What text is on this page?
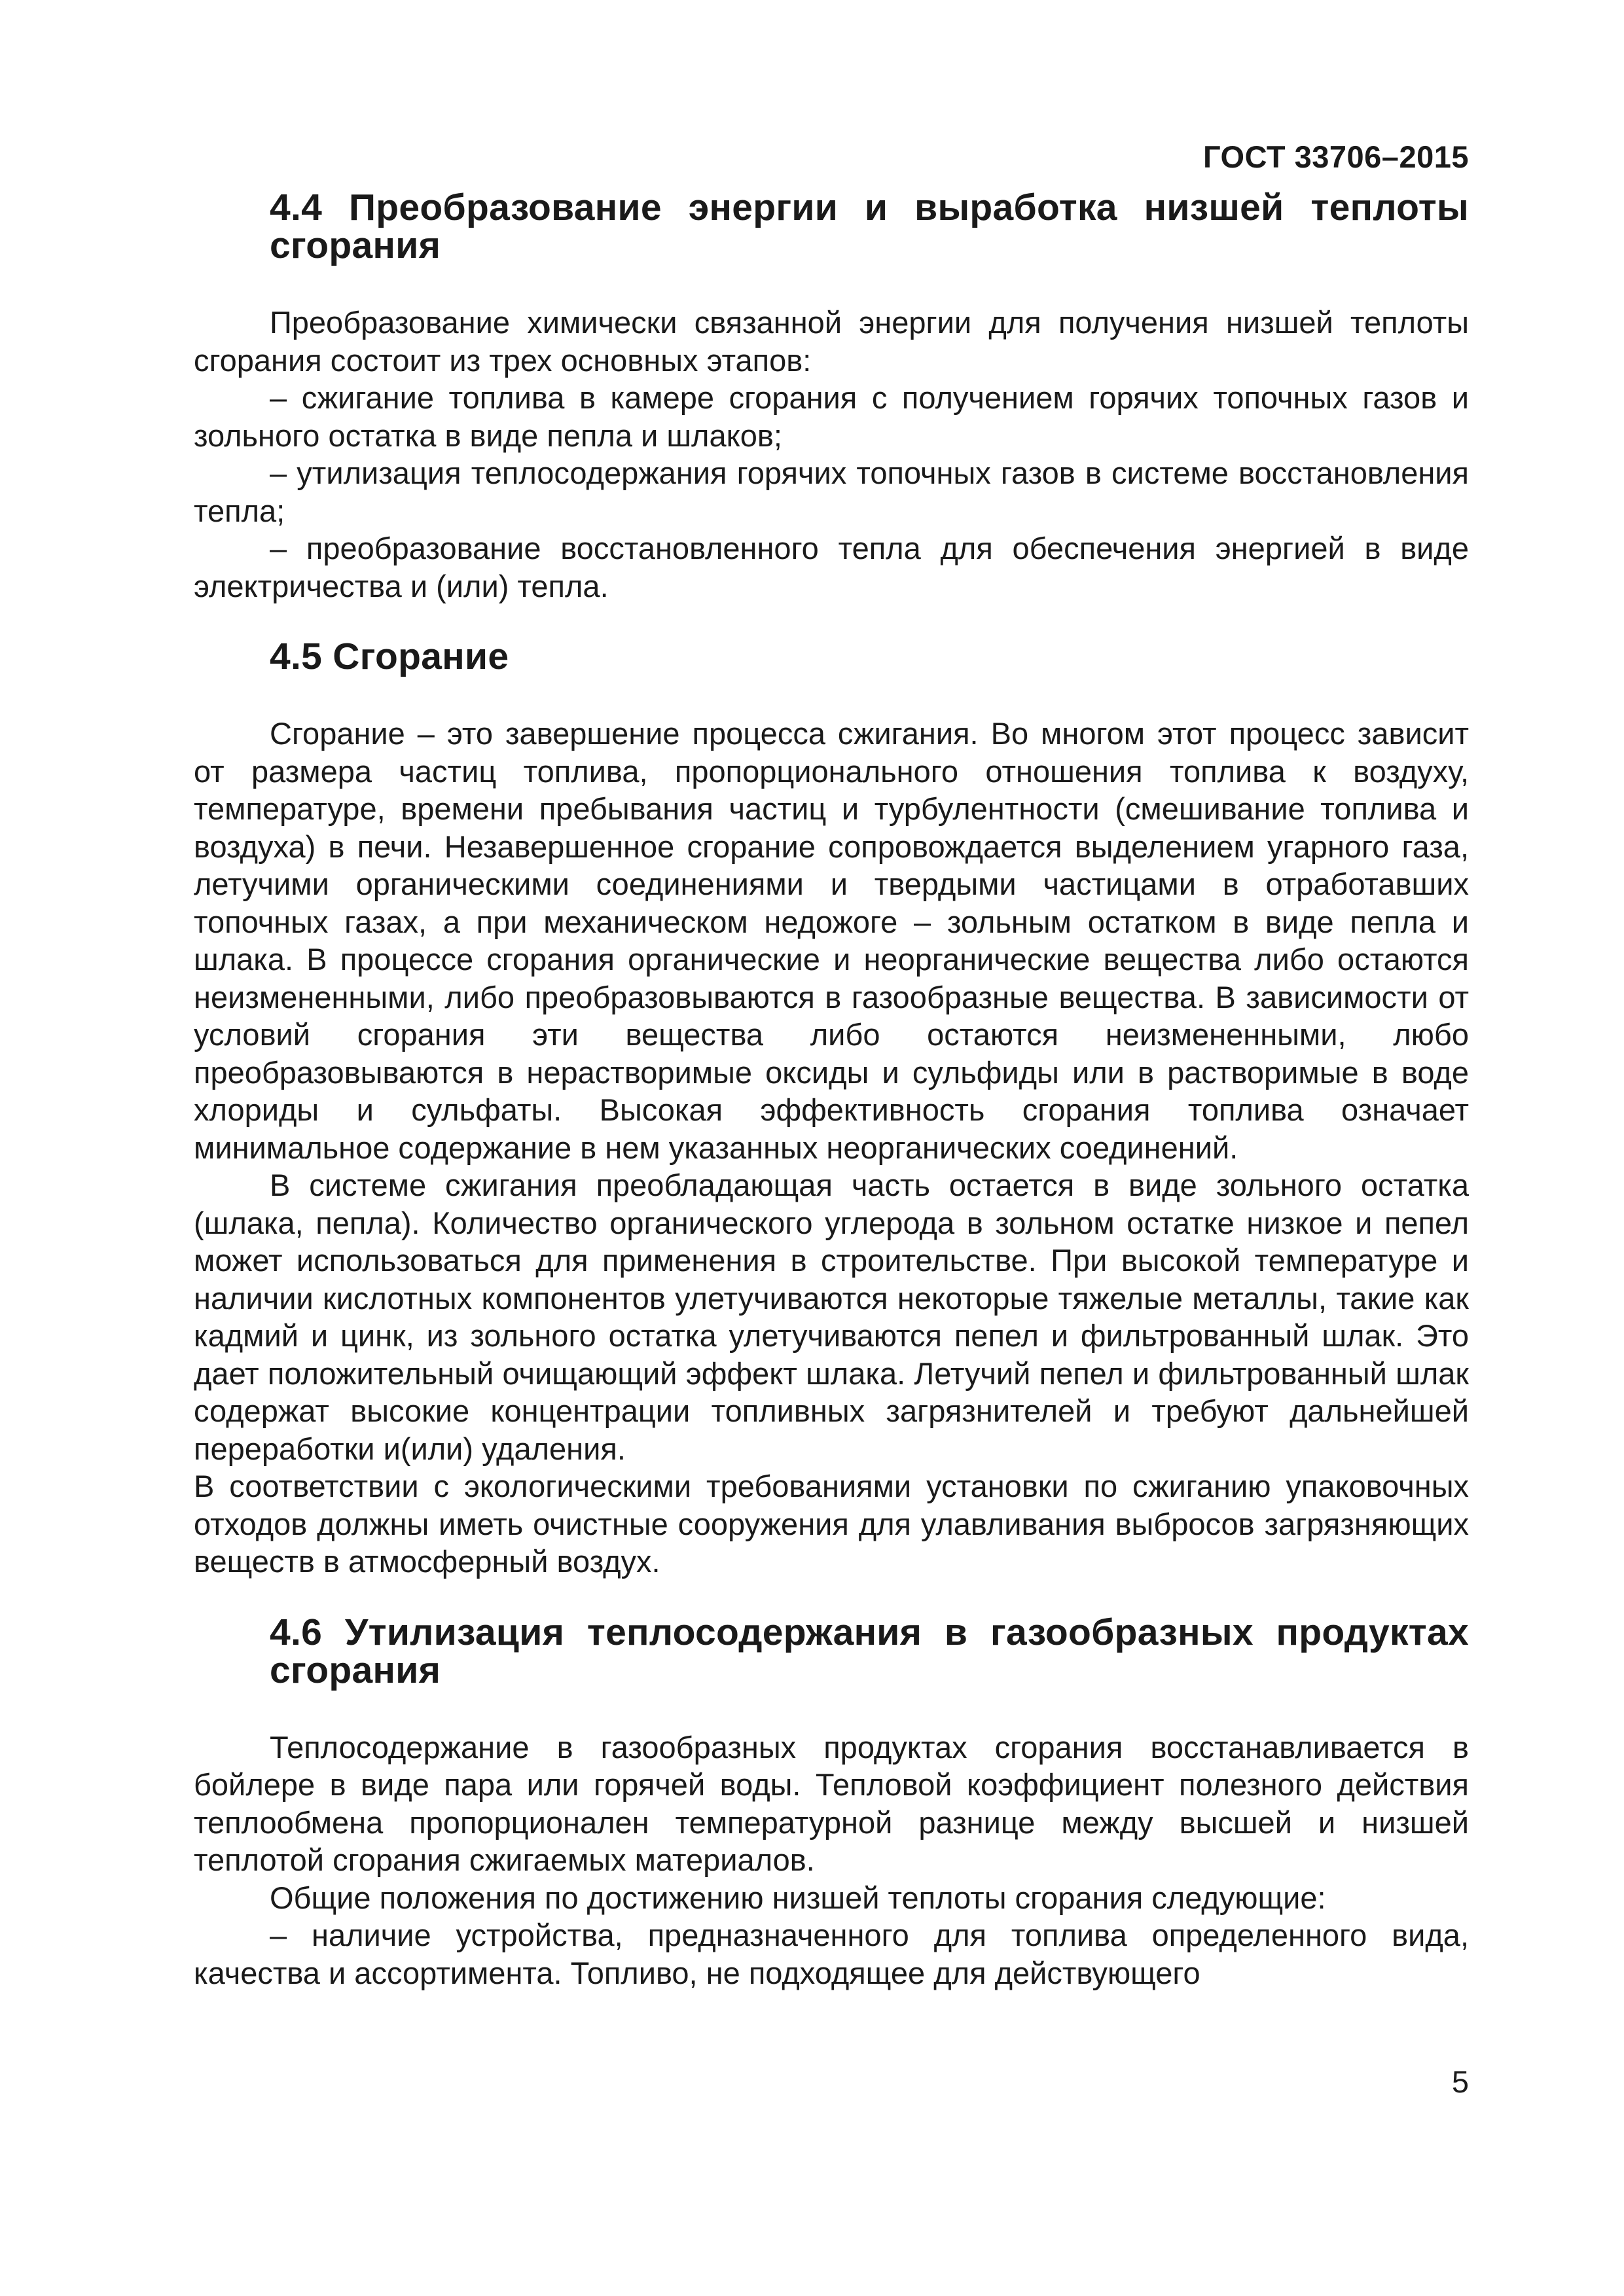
ГОСТ 33706–2015
4.4 Преобразование энергии и выработка низшей теплоты сгорания

Преобразование химически связанной энергии для получения низшей теплоты сгорания состоит из трех основных этапов:

– сжигание топлива в камере сгорания с получением горячих топочных газов и зольного остатка в виде пепла и шлаков;

– утилизация теплосодержания горячих топочных газов в системе восстановления тепла;

– преобразование восстановленного тепла для обеспечения энергией в виде электричества и (или) тепла.

4.5 Сгорание

Сгорание – это завершение процесса сжигания. Во многом этот процесс зависит от размера частиц топлива, пропорционального отношения топлива к воздуху, температуре, времени пребывания частиц и турбулентности (смешивание топлива и воздуха) в печи. Незавершенное сгорание сопровождается выделением угарного газа, летучими органическими соединениями и твердыми частицами в отработавших топочных газах, а при механическом недожоге – зольным остатком в виде пепла и шлака. В процессе сгорания органические и неорганические вещества либо остаются неизмененными, либо преобразовываются в газообразные вещества. В зависимости от условий сгорания эти вещества либо остаются неизмененными, любо преобразовываются в нерастворимые оксиды и сульфиды или в растворимые в воде хлориды и сульфаты. Высокая эффективность сгорания топлива означает минимальное содержание в нем указанных неорганических соединений.

В системе сжигания преобладающая часть остается в виде зольного остатка (шлака, пепла). Количество органического углерода в зольном остатке низкое и пепел может использоваться для применения в строительстве. При высокой температуре и наличии кислотных компонентов улетучиваются некоторые тяжелые металлы, такие как кадмий и цинк, из зольного остатка улетучиваются пепел и фильтрованный шлак. Это дает положительный очищающий эффект шлака. Летучий пепел и фильтрованный шлак содержат высокие концентрации топливных загрязнителей и требуют дальнейшей переработки и(или) удаления.

В соответствии с экологическими требованиями установки по сжиганию упаковочных отходов должны иметь очистные сооружения для улавливания выбросов загрязняющих веществ в атмосферный воздух.

4.6 Утилизация теплосодержания в газообразных продуктах сгорания

Теплосодержание в газообразных продуктах сгорания восстанавливается в бойлере в виде пара или горячей воды. Тепловой коэффициент полезного действия теплообмена пропорционален температурной разнице между высшей и низшей теплотой сгорания сжигаемых материалов.

Общие положения по достижению низшей теплоты сгорания следующие:

– наличие устройства, предназначенного для топлива определенного вида, качества и ассортимента. Топливо, не подходящее для действующего

5
